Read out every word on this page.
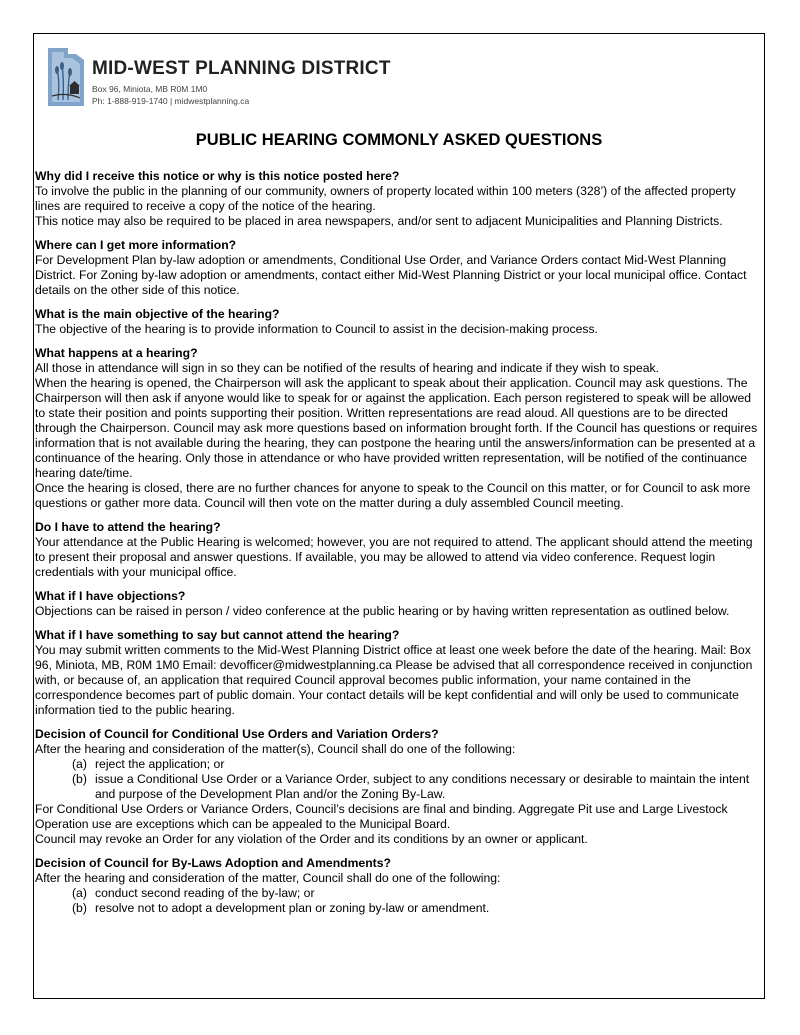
MID-WEST PLANNING DISTRICT
Box 96, Miniota, MB R0M 1M0
Ph: 1-888-919-1740 | midwestplanning.ca
PUBLIC HEARING COMMONLY ASKED QUESTIONS
Why did I receive this notice or why is this notice posted here?

To involve the public in the planning of our community, owners of property located within 100 meters (328’) of the affected property lines are required to receive a copy of the notice of the hearing.

This notice may also be required to be placed in area newspapers, and/or sent to adjacent Municipalities and Planning Districts.

Where can I get more information?

For Development Plan by-law adoption or amendments, Conditional Use Order, and Variance Orders contact Mid-West Planning District. For Zoning by-law adoption or amendments, contact either Mid-West Planning District or your local municipal office. Contact details on the other side of this notice.

What is the main objective of the hearing?

The objective of the hearing is to provide information to Council to assist in the decision-making process.

What happens at a hearing?

All those in attendance will sign in so they can be notified of the results of hearing and indicate if they wish to speak.

When the hearing is opened, the Chairperson will ask the applicant to speak about their application. Council may ask questions. The Chairperson will then ask if anyone would like to speak for or against the application. Each person registered to speak will be allowed to state their position and points supporting their position. Written representations are read aloud. All questions are to be directed through the Chairperson. Council may ask more questions based on information brought forth. If the Council has questions or requires information that is not available during the hearing, they can postpone the hearing until the answers/information can be presented at a continuance of the hearing. Only those in attendance or who have provided written representation, will be notified of the continuance hearing date/time.

Once the hearing is closed, there are no further chances for anyone to speak to the Council on this matter, or for Council to ask more questions or gather more data. Council will then vote on the matter during a duly assembled Council meeting.

Do I have to attend the hearing?

Your attendance at the Public Hearing is welcomed; however, you are not required to attend. The applicant should attend the meeting to present their proposal and answer questions. If available, you may be allowed to attend via video conference. Request login credentials with your municipal office.

What if I have objections?

Objections can be raised in person / video conference at the public hearing or by having written representation as outlined below.

What if I have something to say but cannot attend the hearing?

You may submit written comments to the Mid-West Planning District office at least one week before the date of the hearing. Mail: Box 96, Miniota, MB, R0M 1M0 Email: devofficer@midwestplanning.ca Please be advised that all correspondence received in conjunction with, or because of, an application that required Council approval becomes public information, your name contained in the correspondence becomes part of public domain. Your contact details will be kept confidential and will only be used to communicate information tied to the public hearing.

Decision of Council for Conditional Use Orders and Variation Orders?

After the hearing and consideration of the matter(s), Council shall do one of the following:

(a) reject the application; or
(b) issue a Conditional Use Order or a Variance Order, subject to any conditions necessary or desirable to maintain the intent and purpose of the Development Plan and/or the Zoning By-Law.

For Conditional Use Orders or Variance Orders, Council’s decisions are final and binding. Aggregate Pit use and Large Livestock Operation use are exceptions which can be appealed to the Municipal Board.

Council may revoke an Order for any violation of the Order and its conditions by an owner or applicant.

Decision of Council for By-Laws Adoption and Amendments?

After the hearing and consideration of the matter, Council shall do one of the following:

(a) conduct second reading of the by-law; or
(b) resolve not to adopt a development plan or zoning by-law or amendment.
